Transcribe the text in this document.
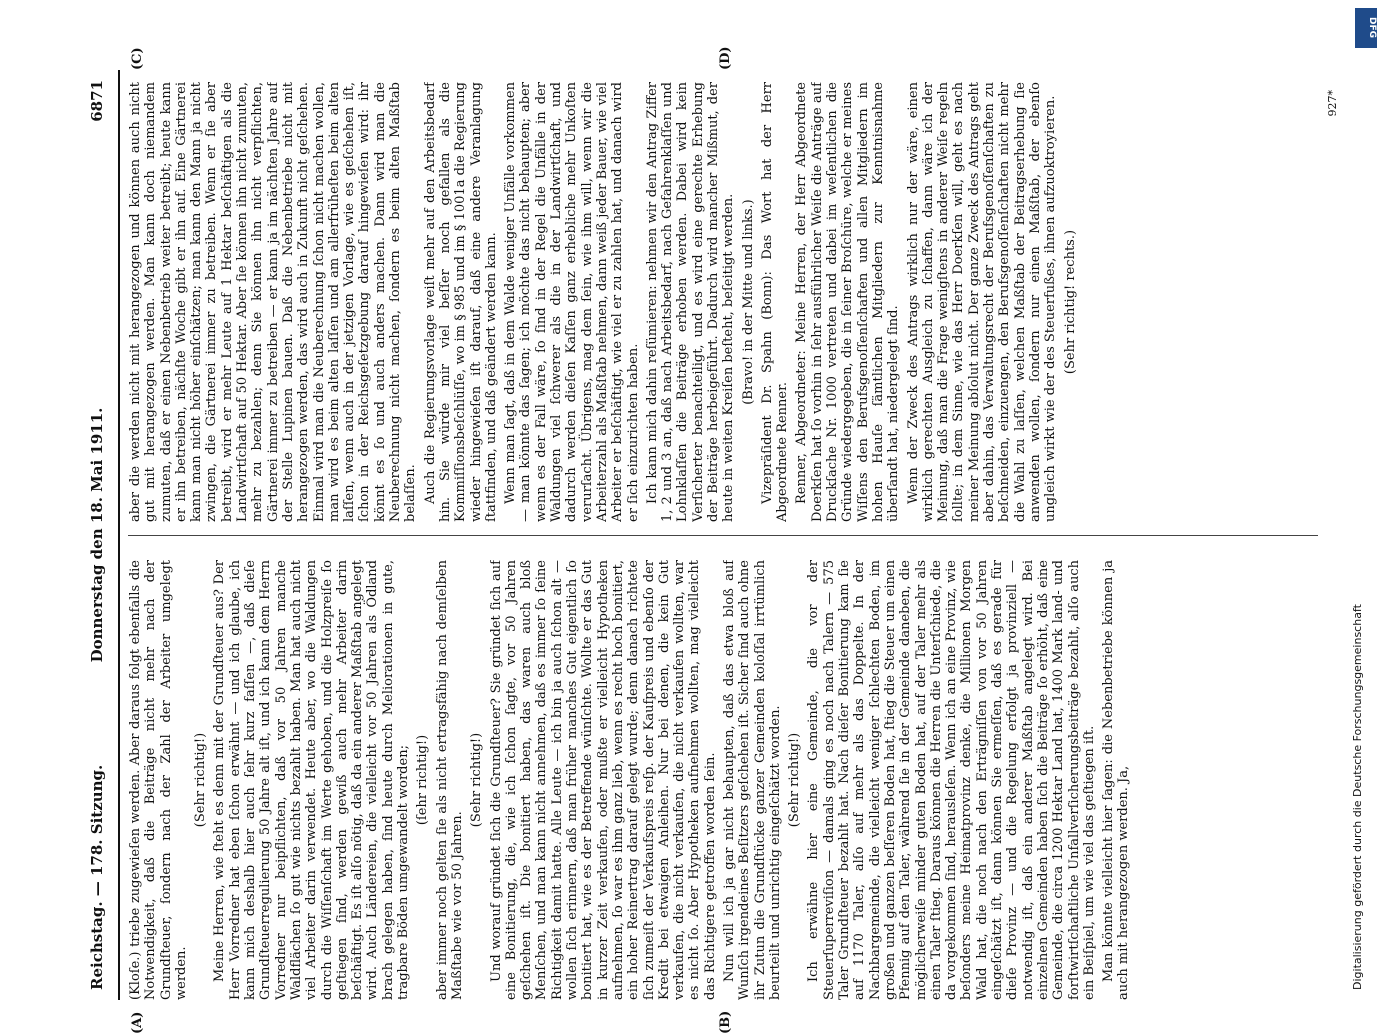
Reichstag. — 178. Sitzung.
Donnerstag den 18. Mai 1911.
6871

(Kloſe.) triebe zugewieſen werden. Aber daraus folgt ebenfalls die Notwendigkeit, daß die Beiträge nicht mehr nach der Grundſteuer, ſondern nach der Zahl der Arbeiter umgelegt werden.

(Sehr richtig!) Meine Herren, wie ſteht es denn mit der Grundſteuer aus? Der Herr Vorredner hat eben ſchon erwähnt — und ich glaube, ich kann mich deshalb hier auch ſehr kurz faſſen —, daß dieſe Grundſteuerregulierung 50 Jahre alt iſt, und ich kann dem Herrn Vorredner nur beipflichten, daß vor 50 Jahren manche Waldflächen ſo gut wie nichts bezahlt haben. Man hat auch nicht viel Arbeiter darin verwendet. Heute aber, wo die Waldungen durch die Wiſſenſchaft im Werte gehoben, und die Holzpreiſe ſo geſtiegen ſind, werden gewiß auch mehr Arbeiter darin beſchäftigt. Es iſt alſo nötig, daß da ein anderer Maßſtab angelegt wird. Auch Ländereien, die vielleicht vor 50 Jahren als Ödland brach gelegen haben, ſind heute durch Meliorationen in gute, tragbare Böden umgewandelt worden; (ſehr richtig!) aber immer noch gelten ſie als nicht ertragsfähig nach demſelben Maßſtabe wie vor 50 Jahren.

(Sehr richtig!) Und worauf gründet ſich die Grundſteuer? Sie gründet ſich auf eine Bonitierung, die, wie ich ſchon ſagte, vor 50 Jahren geſchehen iſt. Die bonitiert haben, das waren auch bloß Menſchen, und man kann nicht annehmen, daß es immer ſo ſeine Richtigkeit damit hatte. Alle Leute — ich bin ja auch ſchon alt — wollen ſich erinnern, daß man früher manches Gut eigentlich ſo bonitiert hat, wie es der Betreffende wünſchte. Wollte er das Gut in kurzer Zeit verkaufen, oder mußte er vielleicht Hypotheken aufnehmen, ſo war es ihm ganz lieb, wenn es recht hoch bonitiert, ein hoher Reinertrag darauf gelegt wurde; denn danach richtete ſich zumeiſt der Verkaufspreis reſp. der Kaufpreis und ebenſo der Kredit bei etwaigen Anleihen. Nur bei denen, die kein Gut verkaufen, die nicht verkaufen, die nicht verkaufen wollten, war es nicht ſo. Aber Hypotheken aufnehmen wollten, mag vielleicht das Richtigere getroffen worden ſein. Nun will ich ja gar nicht behaupten, daß das etwa bloß auf Wunſch irgendeines Beſitzers geſchehen iſt. Sicher ſind auch ohne ihr Zutun die Grundſtücke ganzer Gemeinden koloſſal irrtümlich beurteilt und unrichtig eingeſchätzt worden. (Sehr richtig!) Ich erwähne hier eine Gemeinde, die vor der Steuerſuperreviſion — damals ging es noch nach Talern — 575 Taler Grundſteuer bezahlt hat. Nach dieſer Bonitierung kam ſie auf 1170 Taler, alſo auf mehr als das Doppelte. In der Nachbargemeinde, die vielleicht weniger ſchlechten Boden, im großen und ganzen beſſeren Boden hat, ſtieg die Steuer um einen Pfennig auf den Taler, während ſie in der Gemeinde daneben, die möglicherweiſe minder guten Boden hat, auf der Taler mehr als einen Taler ſtieg. Daraus können die Herren die Unterſchiede, die da vorgekommen ſind, herausleſen. Wenn ich an eine Provinz, wie beſonders meine Heimatprovinz denke, die Millionen Morgen Wald hat, die noch nach den Erträgniſſen von vor 50 Jahren eingeſchätzt iſt, dann können Sie ermeſſen, daß es gerade für dieſe Provinz — und die Regelung erfolgt ja provinziell — notwendig iſt, daß ein anderer Maßſtab angelegt wird. Bei einzelnen Gemeinden haben ſich die Beiträge ſo erhöht, daß eine Gemeinde, die circa 1200 Hektar Land hat, 1400 Mark land- und forſtwirtſchaftliche Unfallverſicherungsbeiträge bezahlt, alſo auch ein Beiſpiel, um wie viel das geſtiegen iſt. Man könnte vielleicht hier ſagen: die Nebenbetriebe können ja auch mit herangezogen werden. Ja,

aber die werden nicht mit herangezogen und können auch nicht gut mit herangezogen werden. Man kann doch niemandem zumuten, daß er einen Nebenbetrieb weiter betreibt; heute kann er ihn betreiben, nächſte Woche gibt er ihn auf. Eine Gärtnerei kann man nicht höher einſchätzen; man kann den Mann ja nicht zwingen, die Gärtnerei immer zu betreiben. Wenn er ſie aber betreibt, wird er mehr Leute auf 1 Hektar beſchäftigen als die Landwirtſchaft auf 50 Hektar. Aber ſie können ihn nicht zumuten, mehr zu bezahlen; denn Sie können ihn nicht verpflichten, Gärtnerei immer zu betreiben — er kann ja im nächſten Jahre auf der Stelle Lupinen bauen. Daß die Nebenbetriebe nicht mit herangezogen werden, das wird auch in Zukunft nicht geſchehen. Einmal wird man die Neuberechnung ſchon nicht machen wollen, man wird es beim alten laſſen und am allerfrüheſten beim alten laſſen, wenn auch in der jetzigen Vorlage, wie es geſchehen iſt, ſchon in der Reichsgeſetzgebung darauf hingewieſen wird: ihr könnt es ſo und auch anders machen. Dann wird man die Neuberechnung nicht machen, ſondern es beim alten Maßſtab belaſſen. Auch die Regierungsvorlage weiſt mehr auf den Arbeitsbedarf hin. Sie würde mir viel beſſer noch gefallen als die Kommiſſionsbeſchlüſſe, wo im § 985 und im § 1001a die Regierung wieder hingewieſen iſt darauf, daß eine andere Veranlagung ſtattfinden, und daß geändert werden kann. Wenn man ſagt, daß in dem Walde weniger Unfälle vorkommen — man könnte das ſagen; ich möchte das nicht behaupten; aber wenn es der Fall wäre, ſo ſind in der Regel die Unfälle in der Waldungen viel ſchwerer als die in der Landwirtſchaft, und dadurch werden dieſen Kaſſen ganz erhebliche mehr Unkoſten verurſacht. Übrigens, mag dem ſein, wie ihm will, wenn wir die Arbeiterzahl als Maßſtab nehmen, dann weiß jeder Bauer, wie viel Arbeiter er beſchäftigt, wie viel er zu zahlen hat, und danach wird er ſich einzurichten haben. Ich kann mich dahin reſümieren: nehmen wir den Antrag Ziffer 1, 2 und 3 an, daß nach Arbeitsbedarf, nach Gefahrenklaſſen und Lohnklaſſen die Beiträge erhoben werden. Dabei wird kein Verſicherter benachteiligt, und es wird eine gerechte Erhebung der Beiträge herbeigeführt. Dadurch wird mancher Mißmut, der heute in weiten Kreiſen beſteht, beſeitigt werden. (Bravo! in der Mitte und links.) Vizepräſident Dr. Spahn (Bonn): Das Wort hat der Herr Abgeordnete Renner. Renner, Abgeordneter: Meine Herren, der Herr Abgeordnete Doerkſen hat ſo vorhin in ſehr ausführlicher Weiſe die Anträge auf Druckſache Nr. 1000 vertreten und dabei im weſentlichen die Gründe wiedergegeben, die in ſeiner Broſchüre, welche er meines Wiſſens den Berufsgenoſſenſchaften und allen Mitgliedern im hohen Hauſe ſämtlichen Mitgliedern zur Kenntnisnahme überſandt hat, niedergelegt ſind. Wenn der Zweck des Antrags wirklich nur der wäre, einen wirklich gerechten Ausgleich zu ſchaffen, dann wäre ich der Meinung, daß man die Frage wenigſtens in anderer Weiſe regeln ſollte; in dem Sinne, wie das Herr Doerkſen will, geht es nach meiner Meinung abſolut nicht. Der ganze Zweck des Antrags geht aber dahin, das Verwaltungsrecht der Berufsgenoſſenſchaften zu beſchneiden, einzuengen, den Berufsgenoſſenſchaften nicht mehr die Wahl zu laſſen, welchen Maßſtab der Beitragserhebung ſie anwenden wollen, ſondern nur einen Maßſtab, der ebenſo ungleich wirkt wie der des Steuerfußes, ihnen aufzuoktroyieren. (Sehr richtig! rechts.)

(A)	(B)
(C)	(D)
927*
DFG
Digitalisierung gefördert durch die Deutsche Forschungsgemeinschaft
